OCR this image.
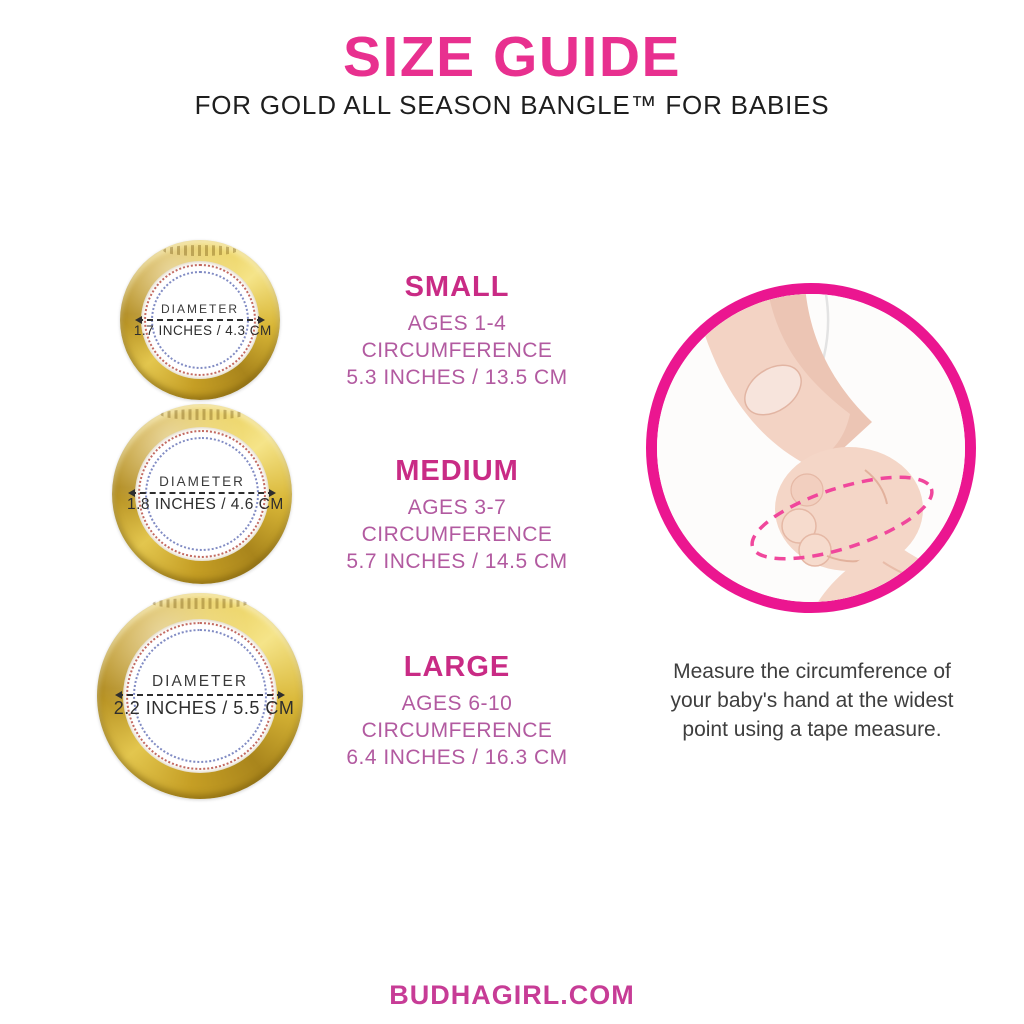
SIZE GUIDE
FOR GOLD ALL SEASON BANGLE™ FOR BABIES
DIAMETER
1.7 INCHES / 4.3 CM
DIAMETER
1.8 INCHES / 4.6 CM
DIAMETER
2.2 INCHES / 5.5 CM
SMALL
AGES 1-4
CIRCUMFERENCE
5.3 INCHES / 13.5 CM
MEDIUM
AGES 3-7
CIRCUMFERENCE
5.7 INCHES / 14.5 CM
LARGE
AGES 6-10
CIRCUMFERENCE
6.4 INCHES / 16.3 CM
Measure the circumference of
your baby's hand at the widest
point using a tape measure.
BUDHAGIRL.COM
